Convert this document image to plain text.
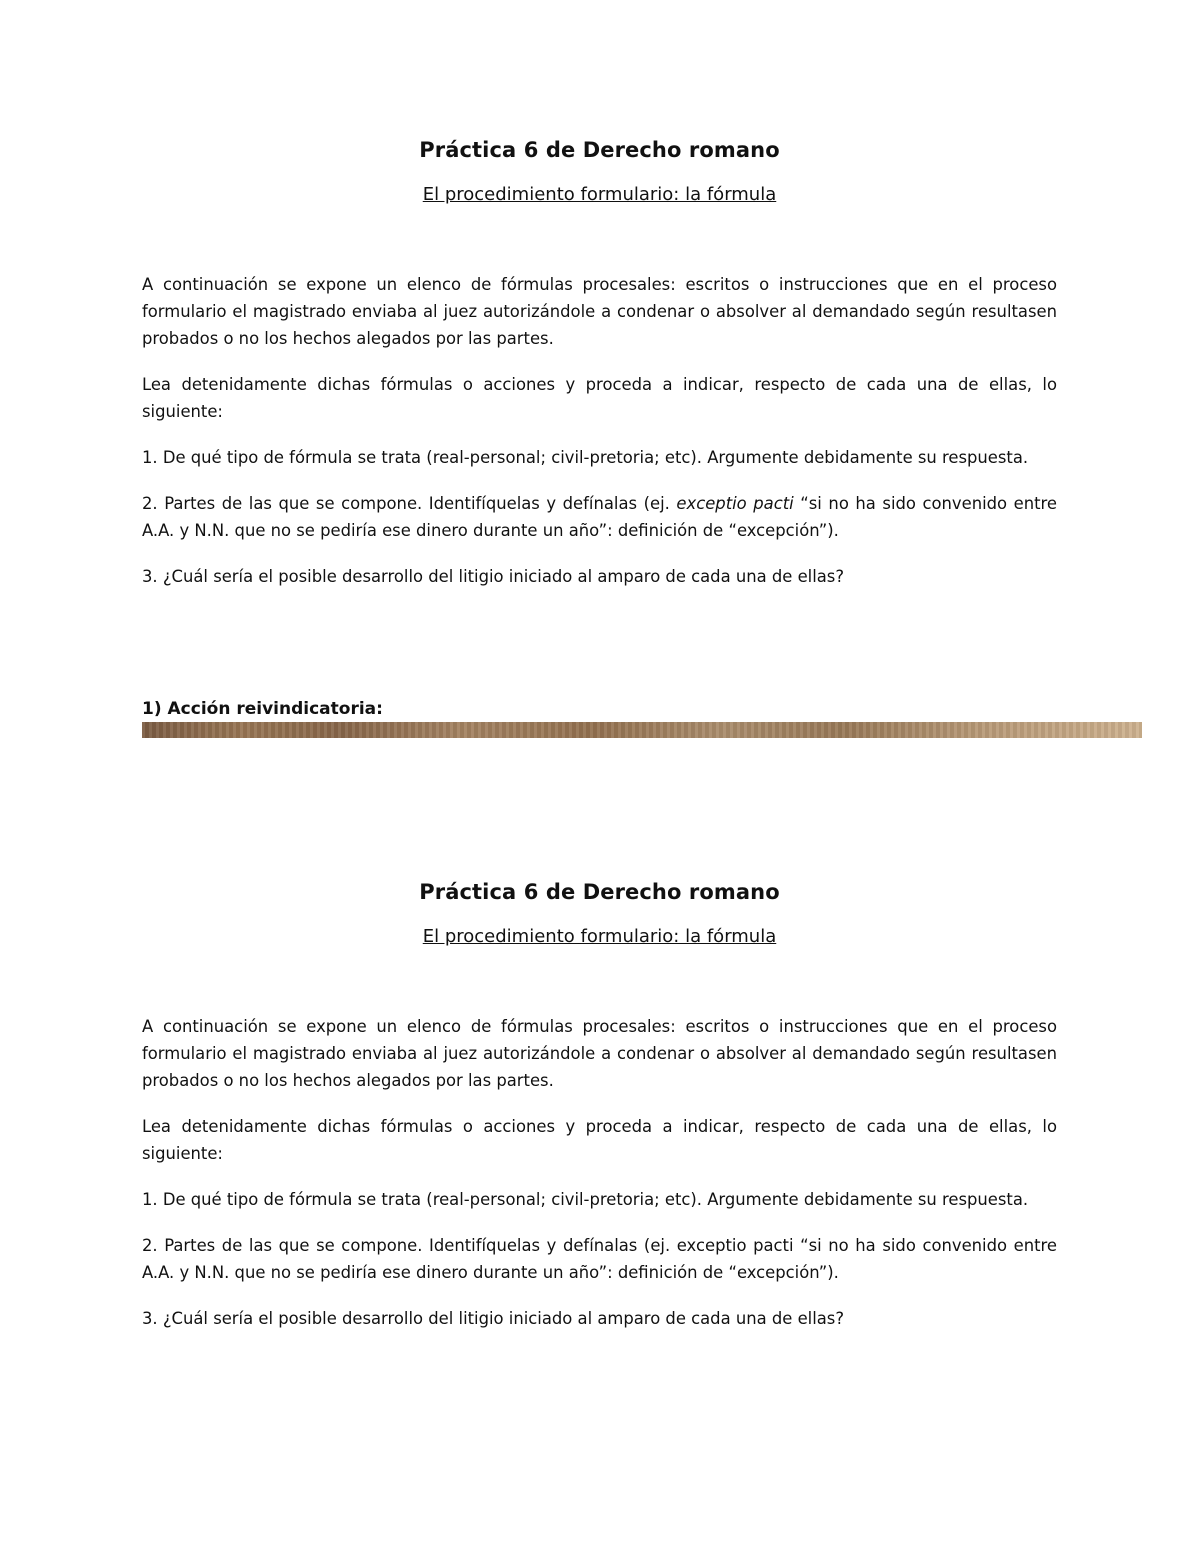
Práctica 6 de Derecho romano

El procedimiento formulario: la fórmula

A continuación se expone un elenco de fórmulas procesales: escritos o instrucciones que en el proceso formulario el magistrado enviaba al juez autorizándole a condenar o absolver al demandado según resultasen probados o no los hechos alegados por las partes.

Lea detenidamente dichas fórmulas o acciones y proceda a indicar, respecto de cada una de ellas, lo siguiente:

1. De qué tipo de fórmula se trata (real-personal; civil-pretoria; etc). Argumente debidamente su respuesta.

2. Partes de las que se compone. Identifíquelas y defínalas (ej. exceptio pacti “si no ha sido convenido entre A.A. y N.N. que no se pediría ese dinero durante un año”: definición de “excepción”).

3. ¿Cuál sería el posible desarrollo del litigio iniciado al amparo de cada una de ellas?

1) Acción reivindicatoria:

Práctica 6 de Derecho romano

El procedimiento formulario: la fórmula

A continuación se expone un elenco de fórmulas procesales: escritos o instrucciones que en el proceso formulario el magistrado enviaba al juez autorizándole a condenar o absolver al demandado según resultasen probados o no los hechos alegados por las partes.

Lea detenidamente dichas fórmulas o acciones y proceda a indicar, respecto de cada una de ellas, lo siguiente:

1. De qué tipo de fórmula se trata (real-personal; civil-pretoria; etc). Argumente debidamente su respuesta.

2. Partes de las que se compone. Identifíquelas y defínalas (ej. exceptio pacti “si no ha sido convenido entre A.A. y N.N. que no se pediría ese dinero durante un año”: definición de “excepción”).

3. ¿Cuál sería el posible desarrollo del litigio iniciado al amparo de cada una de ellas?
